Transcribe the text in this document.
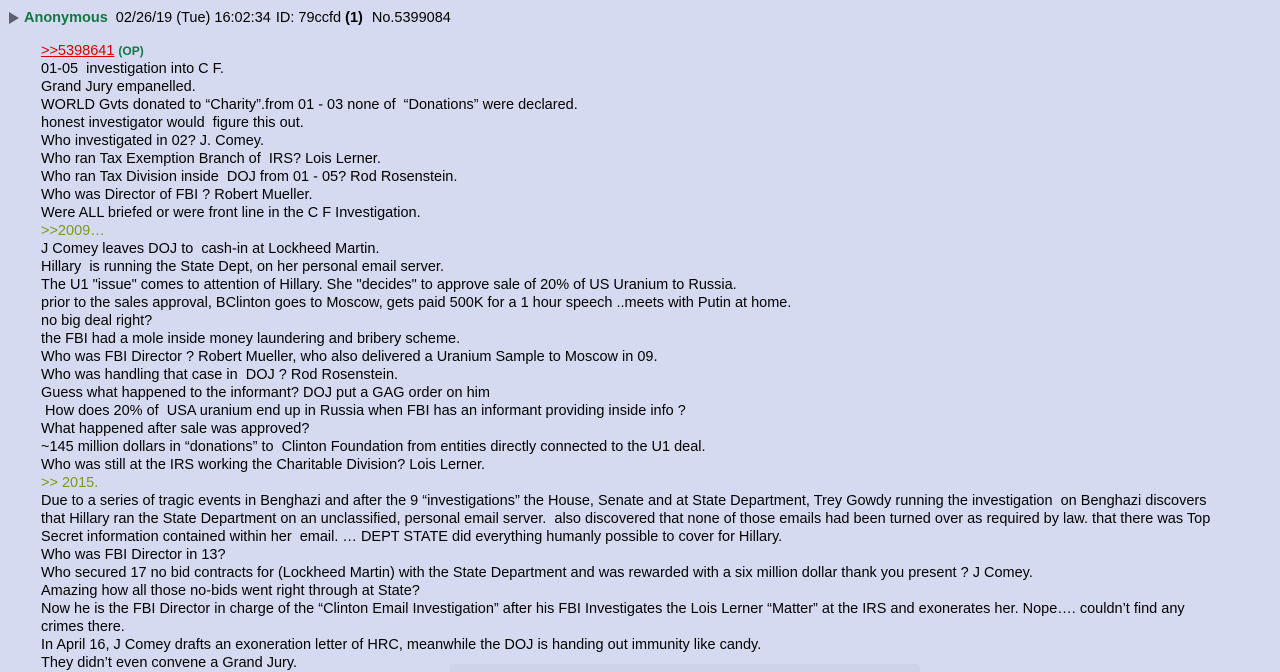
Anonymous 02/26/19 (Tue) 16:02:34 ID: 79ccfd (1) No.5399084
>>5398641 (OP)
01-05  investigation into C F.
Grand Jury empanelled.
WORLD Gvts donated to “Charity”.from 01 - 03 none of  “Donations” were declared.
honest investigator would  figure this out.
Who investigated in 02? J. Comey.
Who ran Tax Exemption Branch of  IRS? Lois Lerner.
Who ran Tax Division inside  DOJ from 01 - 05? Rod Rosenstein.
Who was Director of FBI ? Robert Mueller.
Were ALL briefed or were front line in the C F Investigation.
>>2009…
J Comey leaves DOJ to  cash-in at Lockheed Martin.
Hillary  is running the State Dept, on her personal email server.
The U1 "issue" comes to attention of Hillary. She "decides" to approve sale of 20% of US Uranium to Russia.
prior to the sales approval, BClinton goes to Moscow, gets paid 500K for a 1 hour speech ..meets with Putin at home.
no big deal right?
the FBI had a mole inside money laundering and bribery scheme.
Who was FBI Director ? Robert Mueller, who also delivered a Uranium Sample to Moscow in 09.
Who was handling that case in  DOJ ? Rod Rosenstein.
Guess what happened to the informant? DOJ put a GAG order on him
How does 20% of  USA uranium end up in Russia when FBI has an informant providing inside info ?
What happened after sale was approved?
~145 million dollars in “donations” to  Clinton Foundation from entities directly connected to the U1 deal.
Who was still at the IRS working the Charitable Division? Lois Lerner.
>> 2015.
Due to a series of tragic events in Benghazi and after the 9 “investigations” the House, Senate and at State Department, Trey Gowdy running the investigation  on Benghazi discovers that Hillary ran the State Department on an unclassified, personal email server.  also discovered that none of those emails had been turned over as required by law. that there was Top Secret information contained within her  email. … DEPT STATE did everything humanly possible to cover for Hillary.
Who was FBI Director in 13?
Who secured 17 no bid contracts for (Lockheed Martin) with the State Department and was rewarded with a six million dollar thank you present ? J Comey.
Amazing how all those no-bids went right through at State?
Now he is the FBI Director in charge of the “Clinton Email Investigation” after his FBI Investigates the Lois Lerner “Matter” at the IRS and exonerates her. Nope…. couldn’t find any crimes there.
In April 16, J Comey drafts an exoneration letter of HRC, meanwhile the DOJ is handing out immunity like candy.
They didn’t even convene a Grand Jury.
